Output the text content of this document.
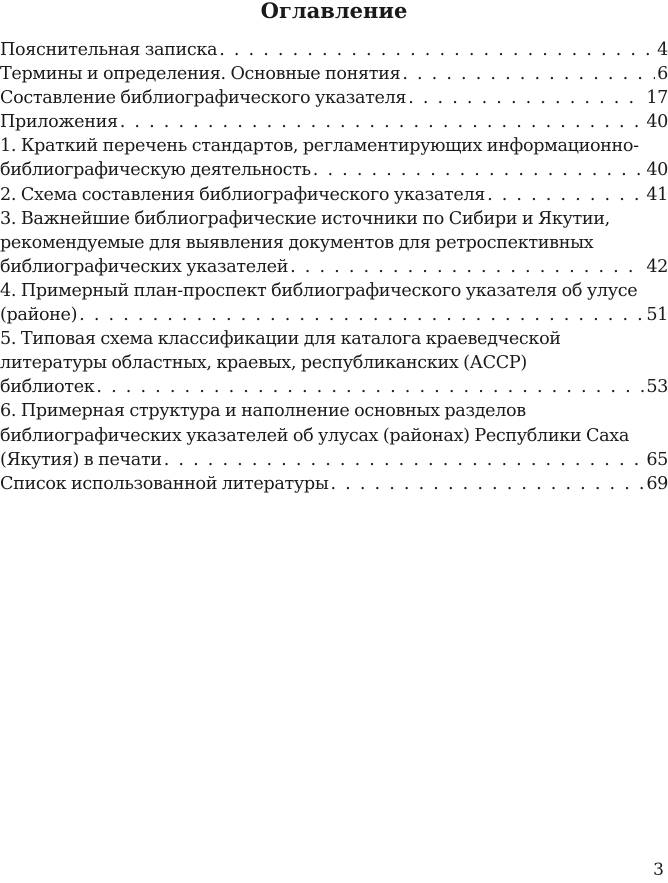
Оглавление
Пояснительная записка . . .	4
Термины и определения. Основные понятия . . .	6
Составление библиографического указателя . . .	17
Приложения . . .	40
1. Краткий перечень стандартов, регламентирующих информационно-
библиографическую деятельность . . .	40
2. Схема составления библиографического указателя . . .	41
3. Важнейшие библиографические источники по Сибири и Якутии,
рекомендуемые для выявления документов для ретроспективных
библиографических указателей . . .	42
4. Примерный план-проспект библиографического указателя об улусе
(районе) . . .	51
5. Типовая схема классификации для каталога краеведческой
литературы областных, краевых, республиканских (АССР)
библиотек . . .	53
6. Примерная структура и наполнение основных разделов
библиографических указателей об улусах (районах) Республики Саха
(Якутия) в печати . . .	65
Список использованной литературы . . .	69
3
